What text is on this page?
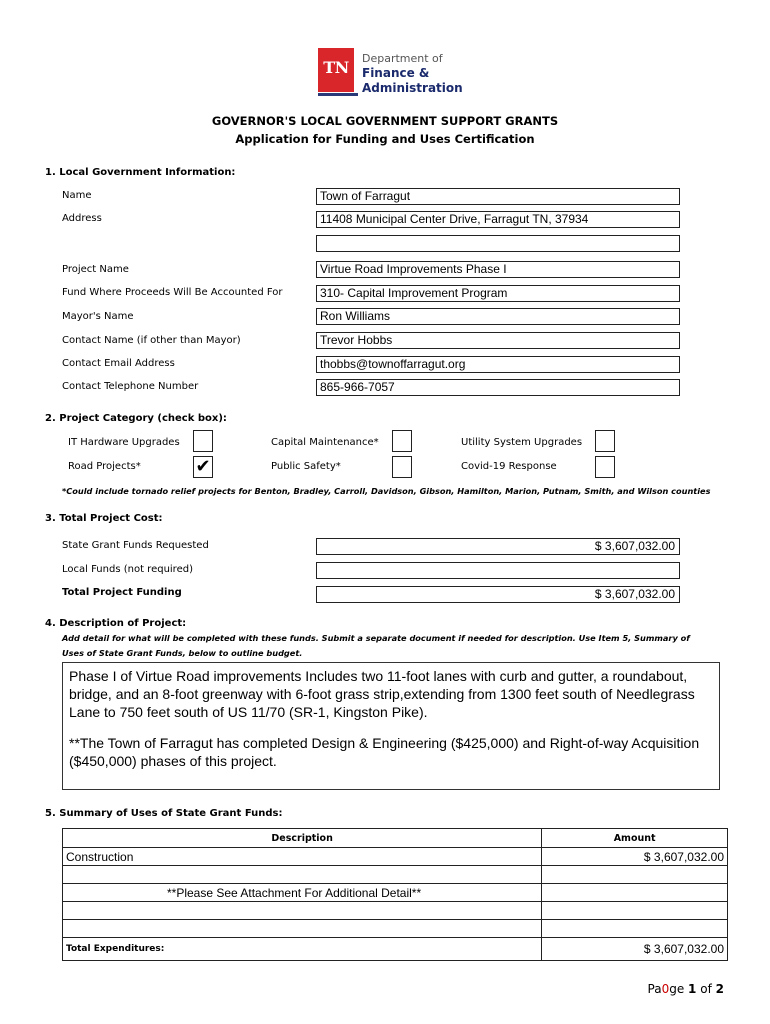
TN Department of
Finance &
Administration
GOVERNOR'S LOCAL GOVERNMENT SUPPORT GRANTS
Application for Funding and Uses Certification
1. Local Government Information:
Name	Town of Farragut
Address	11408 Municipal Center Drive, Farragut TN, 37934
Project Name	Virtue Road Improvements Phase I
Fund Where Proceeds Will Be Accounted For	310- Capital Improvement Program
Mayor's Name	Ron Williams
Contact Name (if other than Mayor)	Trevor Hobbs
Contact Email Address	thobbs@townoffarragut.org
Contact Telephone Number	865-966-7057
2. Project Category (check box):
IT Hardware Upgrades	Capital Maintenance*	Utility System Upgrades
Road Projects*	✔	Public Safety*	Covid-19 Response
*Could include tornado relief projects for Benton, Bradley, Carroll, Davidson, Gibson, Hamilton, Marion, Putnam, Smith, and Wilson counties
3. Total Project Cost:
State Grant Funds Requested	$ 3,607,032.00
Local Funds (not required)
Total Project Funding	$ 3,607,032.00
4. Description of Project:
Add detail for what will be completed with these funds. Submit a separate document if needed for description. Use Item 5, Summary of
Uses of State Grant Funds, below to outline budget.

Phase I of Virtue Road improvements Includes two 11-foot lanes with curb and gutter, a roundabout, bridge, and an 8-foot greenway with 6-foot grass strip,extending from 1300 feet south of Needlegrass Lane to 750 feet south of US 11/70 (SR-1, Kingston Pike).

**The Town of Farragut has completed Design & Engineering ($425,000) and Right-of-way Acquisition ($450,000) phases of this project.

5. Summary of Uses of State Grant Funds:
Description	Amount
Construction	$ 3,607,032.00

**Please See Attachment For Additional Detail**	

Total Expenditures:	$ 3,607,032.00
Pa0ge 1 of 2
